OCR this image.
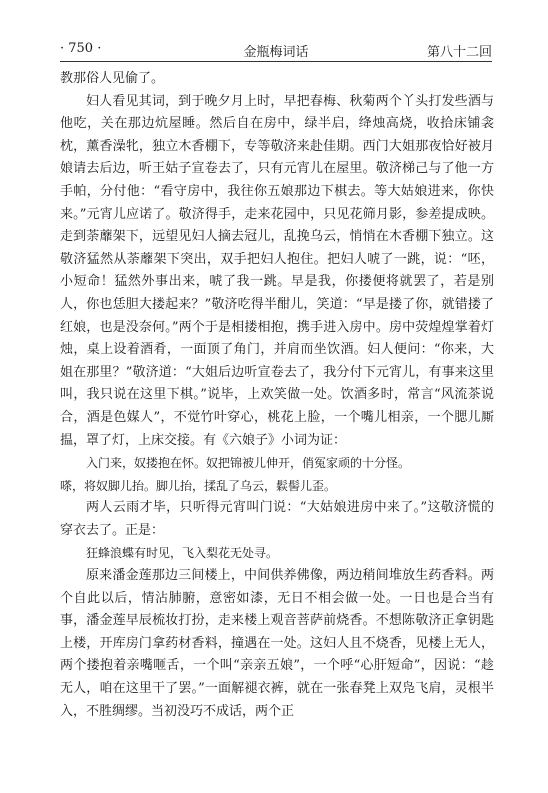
· 750 ·	金瓶梅词话	第八十二回

教那俗人见偷了。

妇人看见其词，到于晚夕月上时，早把春梅、秋菊两个丫头打发些酒与他吃，关在那边炕屋睡。然后自在房中，绿半启，绛烛高烧，收拾床铺衾枕，薰香澡牝，独立木香棚下，专等敬济来赴佳期。西门大姐那夜恰好被月娘请去后边，听王姑子宣卷去了，只有元宵儿在屋里。敬济梯己与了他一方手帕，分付他：“看守房中，我往你五娘那边下棋去。等大姑娘进来，你快来。”元宵儿应诺了。敬济得手，走来花园中，只见花筛月影，参差提成映。走到荼蘼架下，远望见妇人摘去冠儿，乱挽乌云，悄悄在木香棚下独立。这敬济猛然从荼蘼架下突出，双手把妇人抱住。把妇人唬了一跳，说：“呸，小短命！猛然外事出来，唬了我一跳。早是我，你搂便将就罢了，若是别人，你也恁胆大搂起来？”敬济吃得半酣儿，笑道：“早是搂了你，就错搂了红娘，也是没奈何。”两个于是相搂相抱，携手进入房中。房中荧煌煌掌着灯烛，桌上设着酒肴，一面顶了角门，并肩而坐饮酒。妇人便问：“你来，大姐在那里？”敬济道：“大姐后边听宣卷去了，我分付下元宵儿，有事来这里叫，我只说在这里下棋。”说毕，上欢笑做一处。饮酒多时，常言“风流茶说合，酒是色媒人”，不觉竹叶穿心，桃花上脸，一个嘴儿相亲，一个腮儿厮揾，罩了灯，上床交接。有《六娘子》小词为证：

入门来，奴搂抱在怀。奴把锦被儿伸开，俏冤家顽的十分怪。

嗏，将奴脚儿抬。脚儿抬，揉乱了乌云，鬏髻儿歪。

两人云雨才毕，只听得元宵叫门说：“大姑娘进房中来了。”这敬济慌的穿衣去了。正是：

狂蜂浪蝶有时见，飞入梨花无处寻。

原来潘金莲那边三间楼上，中间供养佛像，两边稍间堆放生药香料。两个自此以后，情沾肺腑，意密如漆，无日不相会做一处。一日也是合当有事，潘金莲早辰梳妆打扮，走来楼上观音菩萨前烧香。不想陈敬济正拿钥匙上楼，开库房门拿药材香料，撞遇在一处。这妇人且不烧香，见楼上无人，两个搂抱着亲嘴咂舌，一个叫“亲亲五娘”，一个呼“心肝短命”，因说：“趁无人，咱在这里干了罢。”一面解褪衣裤，就在一张春凳上双凫飞肩，灵根半入，不胜绸缪。当初没巧不成话，两个正
